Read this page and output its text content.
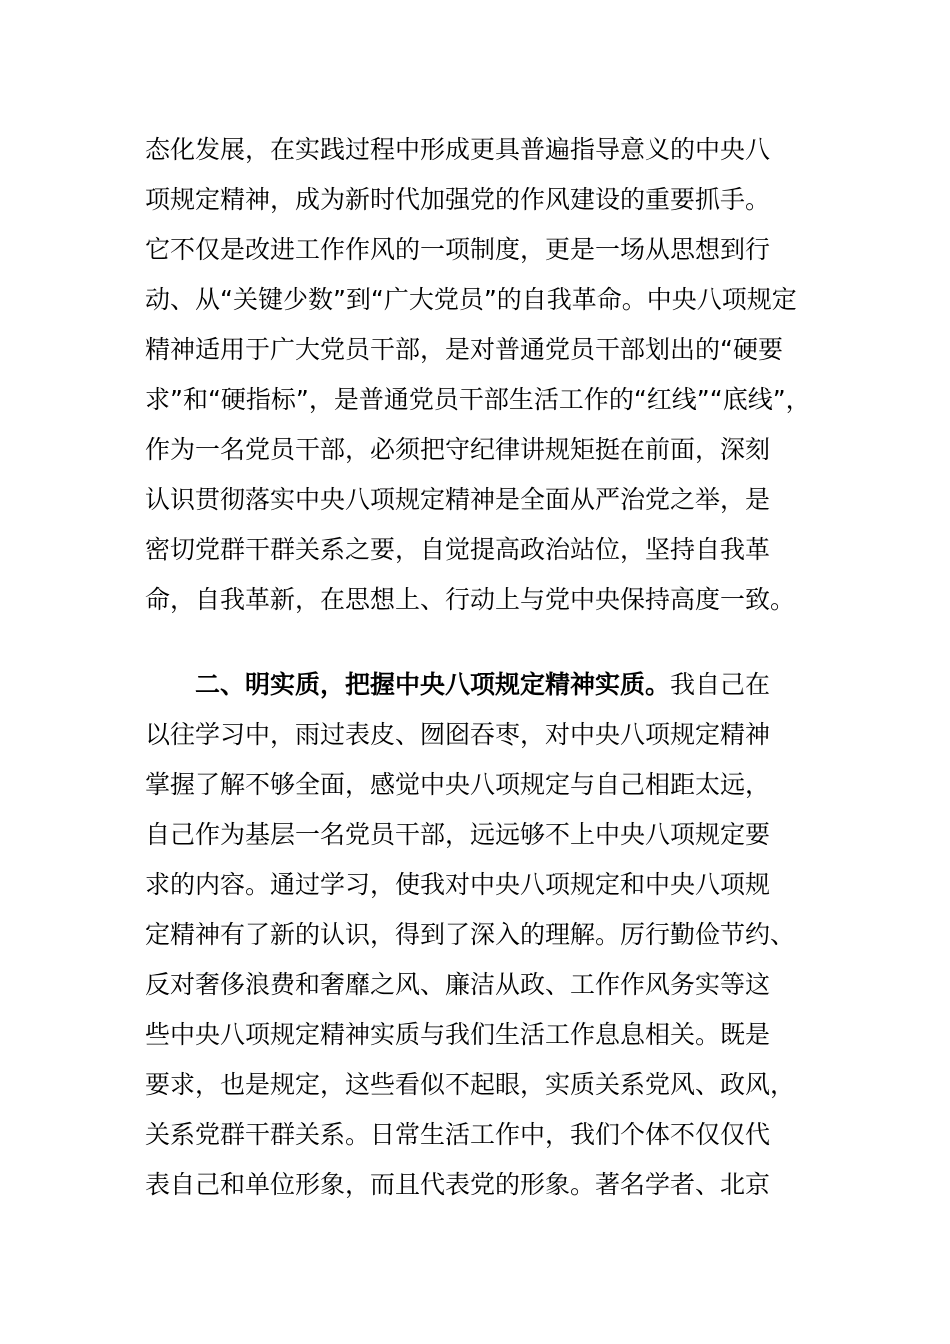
态化发展，在实践过程中形成更具普遍指导意义的中央八
项规定精神，成为新时代加强党的作风建设的重要抓手。
它不仅是改进工作作风的一项制度，更是一场从思想到行
动、从“关键少数”到“广大党员”的自我革命。中央八项规定
精神适用于广大党员干部，是对普通党员干部划出的“硬要
求”和“硬指标”，是普通党员干部生活工作的“红线”“底线”，
作为一名党员干部，必须把守纪律讲规矩挺在前面，深刻
认识贯彻落实中央八项规定精神是全面从严治党之举，是
密切党群干群关系之要，自觉提高政治站位，坚持自我革
命，自我革新，在思想上、行动上与党中央保持高度一致。
二、明实质，把握中央八项规定精神实质。我自己在
以往学习中，雨过表皮、囫囵吞枣，对中央八项规定精神
掌握了解不够全面，感觉中央八项规定与自己相距太远，
自己作为基层一名党员干部，远远够不上中央八项规定要
求的内容。通过学习，使我对中央八项规定和中央八项规
定精神有了新的认识，得到了深入的理解。厉行勤俭节约、
反对奢侈浪费和奢靡之风、廉洁从政、工作作风务实等这
些中央八项规定精神实质与我们生活工作息息相关。既是
要求，也是规定，这些看似不起眼，实质关系党风、政风，
关系党群干群关系。日常生活工作中，我们个体不仅仅代
表自己和单位形象，而且代表党的形象。著名学者、北京
